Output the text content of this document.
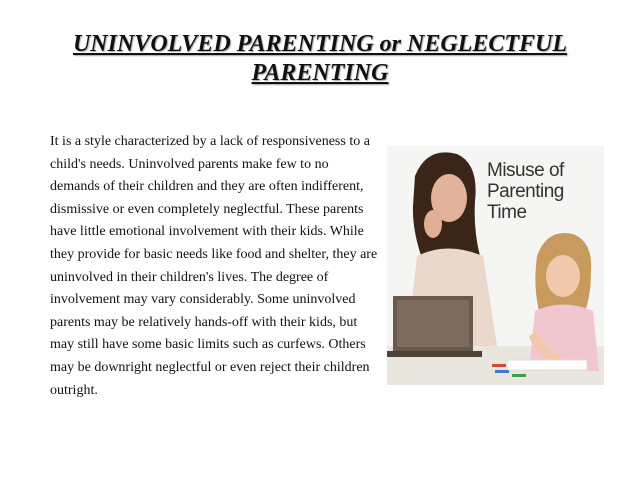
UNINVOLVED PARENTING or NEGLECTFUL PARENTING
It is a style characterized by a lack of responsiveness to a child's needs. Uninvolved parents make few to no demands of their children and they are often indifferent, dismissive or even completely neglectful. These parents have little emotional involvement with their kids. While they provide for basic needs like food and shelter, they are uninvolved in their children's lives. The degree of involvement may vary considerably. Some uninvolved parents may be relatively hands-off with their kids, but may still have some basic limits such as curfews. Others may be downright neglectful or even reject their children outright.
Misuse of

Parenting Time
